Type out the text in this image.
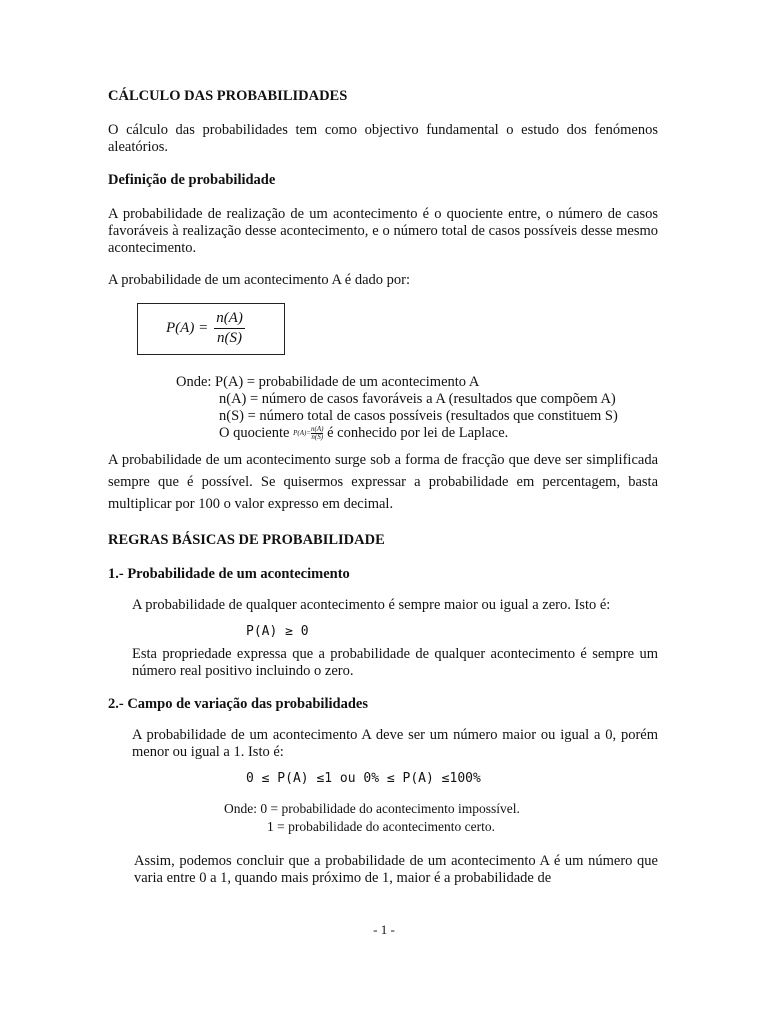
CÁLCULO DAS PROBABILIDADES

O cálculo das probabilidades tem como objectivo fundamental o estudo dos fenómenos aleatórios.

Definição de probabilidade

A probabilidade de realização de um acontecimento é o quociente entre, o número de casos favoráveis à realização desse acontecimento, e o número total de casos possíveis desse mesmo acontecimento.

A probabilidade de um acontecimento A é dado por:

$P(A) = \frac{n(A)}{n(S)}$
Onde: P(A) = probabilidade de um acontecimento A
n(A) = número de casos favoráveis a A (resultados que compõem A)
n(S) = número total de casos possíveis (resultados que constituem S)
O quociente $P(A)= \frac{n(A)}{n(S)}$ é conhecido por lei de Laplace.

A probabilidade de um acontecimento surge sob a forma de fracção que deve ser simplificada sempre que é possível. Se quisermos expressar a probabilidade em percentagem, basta multiplicar por 100 o valor expresso em decimal.

REGRAS BÁSICAS DE PROBABILIDADE
1.- Probabilidade de um acontecimento

A probabilidade de qualquer acontecimento é sempre maior ou igual a zero. Isto é:

P(A) ≥ 0

Esta propriedade expressa que a probabilidade de qualquer acontecimento é sempre um número real positivo incluindo o zero.

2.- Campo de variação das probabilidades

A probabilidade de um acontecimento A deve ser um número maior ou igual a 0, porém menor ou igual a 1. Isto é:

0 ≤ P(A) ≤1 ou 0% ≤ P(A) ≤100%
Onde: 0 = probabilidade do acontecimento impossível.
1 = probabilidade do acontecimento certo.

Assim, podemos concluir que a probabilidade de um acontecimento A é um número que varia entre 0 a 1, quando mais próximo de 1, maior é a probabilidade de

- 1 -
